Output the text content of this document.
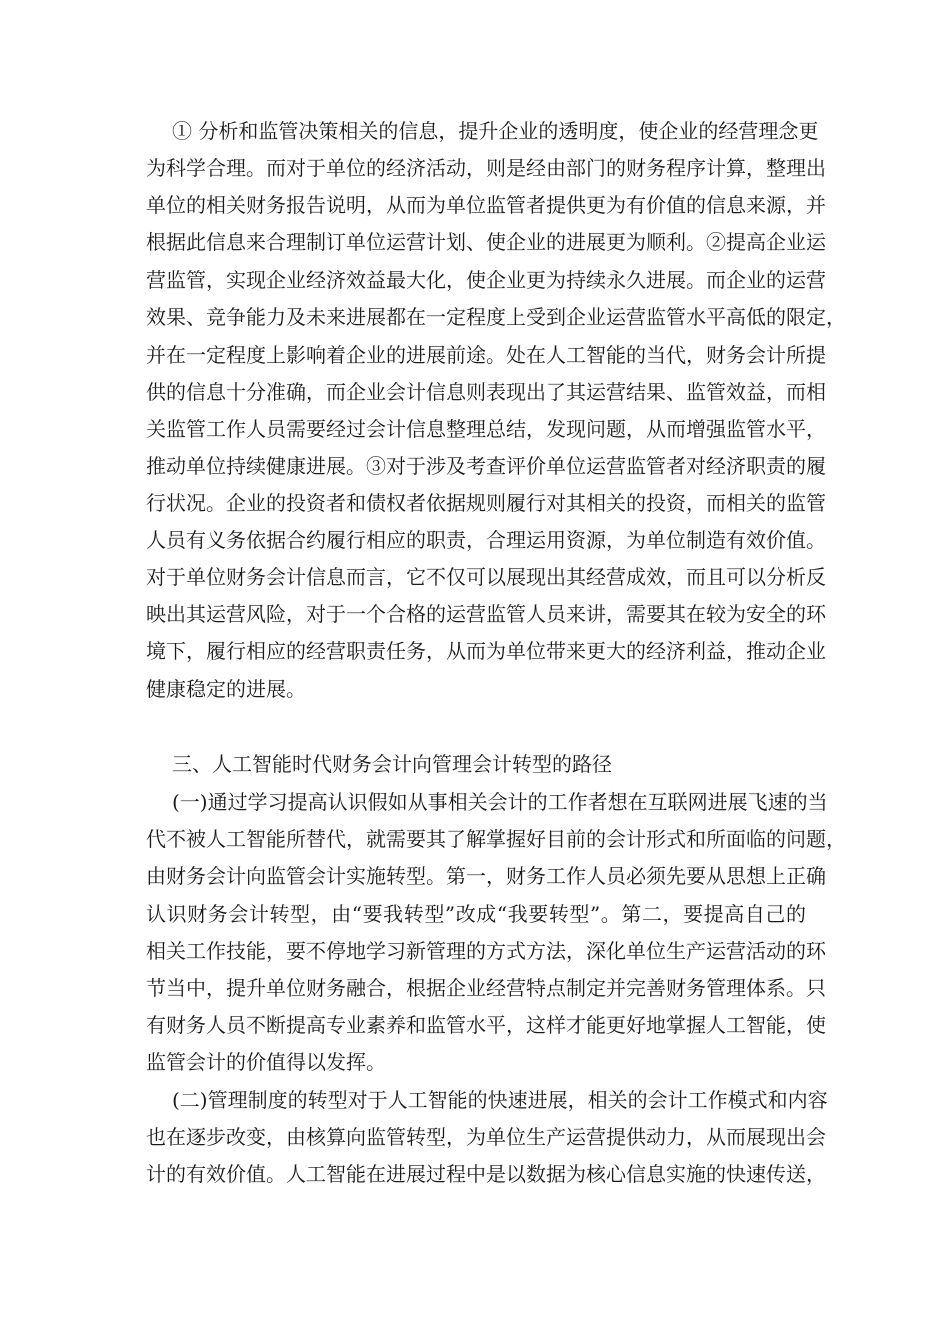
① 分析和监管决策相关的信息，提升企业的透明度，使企业的经营理念更
为科学合理。而对于单位的经济活动，则是经由部门的财务程序计算，整理出
单位的相关财务报告说明，从而为单位监管者提供更为有价值的信息来源，并
根据此信息来合理制订单位运营计划、使企业的进展更为顺利。②提高企业运
营监管，实现企业经济效益最大化，使企业更为持续永久进展。而企业的运营
效果、竞争能力及未来进展都在一定程度上受到企业运营监管水平高低的限定，
并在一定程度上影响着企业的进展前途。处在人工智能的当代，财务会计所提
供的信息十分准确，而企业会计信息则表现出了其运营结果、监管效益，而相
关监管工作人员需要经过会计信息整理总结，发现问题，从而增强监管水平，
推动单位持续健康进展。③对于涉及考查评价单位运营监管者对经济职责的履
行状况。企业的投资者和债权者依据规则履行对其相关的投资，而相关的监管
人员有义务依据合约履行相应的职责，合理运用资源，为单位制造有效价值。
对于单位财务会计信息而言，它不仅可以展现出其经营成效，而且可以分析反
映出其运营风险，对于一个合格的运营监管人员来讲，需要其在较为安全的环
境下，履行相应的经营职责任务，从而为单位带来更大的经济利益，推动企业
健康稳定的进展。
三、人工智能时代财务会计向管理会计转型的路径
(一)通过学习提高认识假如从事相关会计的工作者想在互联网进展飞速的当
代不被人工智能所替代，就需要其了解掌握好目前的会计形式和所面临的问题，
由财务会计向监管会计实施转型。第一，财务工作人员必须先要从思想上正确
认识财务会计转型，由“要我转型”改成“我要转型”。第二，要提高自己的
相关工作技能，要不停地学习新管理的方式方法，深化单位生产运营活动的环
节当中，提升单位财务融合，根据企业经营特点制定并完善财务管理体系。只
有财务人员不断提高专业素养和监管水平，这样才能更好地掌握人工智能，使
监管会计的价值得以发挥。
(二)管理制度的转型对于人工智能的快速进展，相关的会计工作模式和内容
也在逐步改变，由核算向监管转型，为单位生产运营提供动力，从而展现出会
计的有效价值。人工智能在进展过程中是以数据为核心信息实施的快速传送，
